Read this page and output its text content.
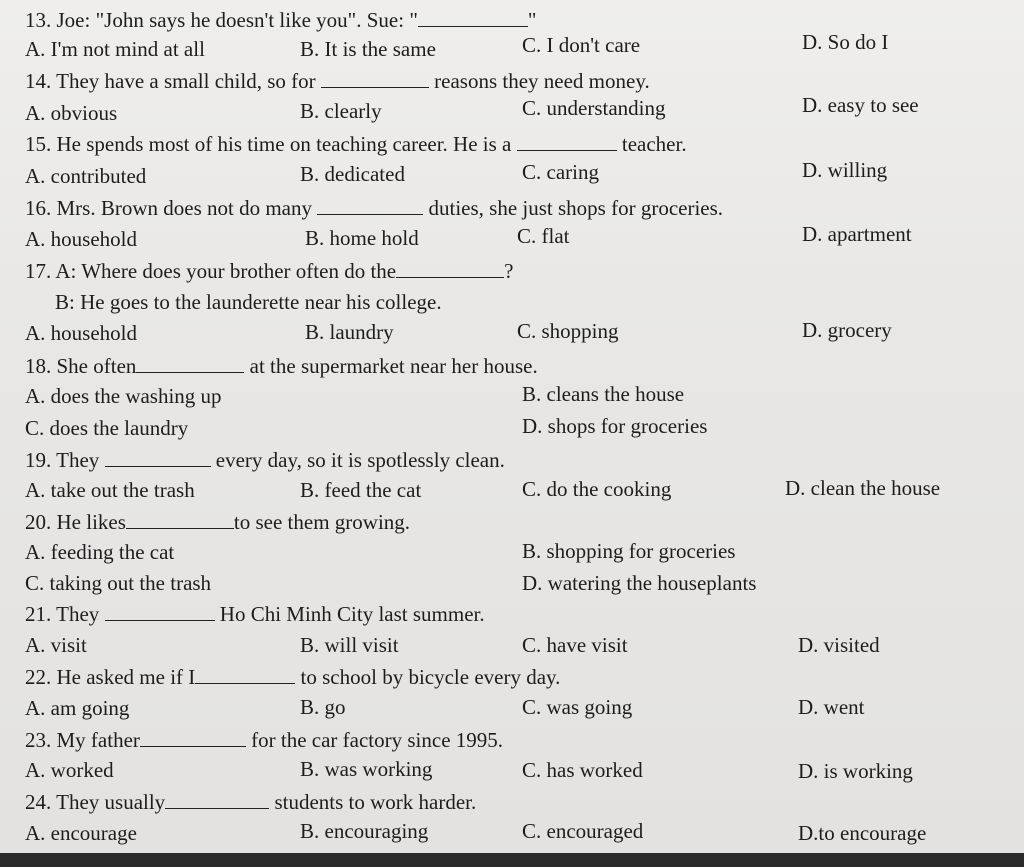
13. Joe: "John says he doesn't like you". Sue: "	"
A. I'm not mind at all	B. It is the same	C. I don't care	D. So do I
14. They have a small child, so for	reasons they need money.
A. obvious	B. clearly	C. understanding	D. easy to see
15. He spends most of his time on teaching career. He is a	teacher.
A. contributed	B. dedicated	C. caring	D. willing
16. Mrs. Brown does not do many	duties, she just shops for groceries.
A. household	B. home hold	C. flat	D. apartment
17. A: Where does your brother often do the	?
B: He goes to the launderette near his college.
A. household	B. laundry	C. shopping	D. grocery
18. She often	at the supermarket near her house.
A. does the washing up	B. cleans the house
C. does the laundry	D. shops for groceries
19. They	every day, so it is spotlessly clean.
A. take out the trash	B. feed the cat	C. do the cooking	D. clean the house
20. He likes	to see them growing.
A. feeding the cat	B. shopping for groceries
C. taking out the trash	D. watering the houseplants
21. They	Ho Chi Minh City last summer.
A. visit	B. will visit	C. have visit	D. visited
22. He asked me if I	to school by bicycle every day.
A. am going	B. go	C. was going	D. went
23. My father	for the car factory since 1995.
A. worked	B. was working	C. has worked	D. is working
24. They usually	students to work harder.
A. encourage	B. encouraging	C. encouraged	D.to encourage
